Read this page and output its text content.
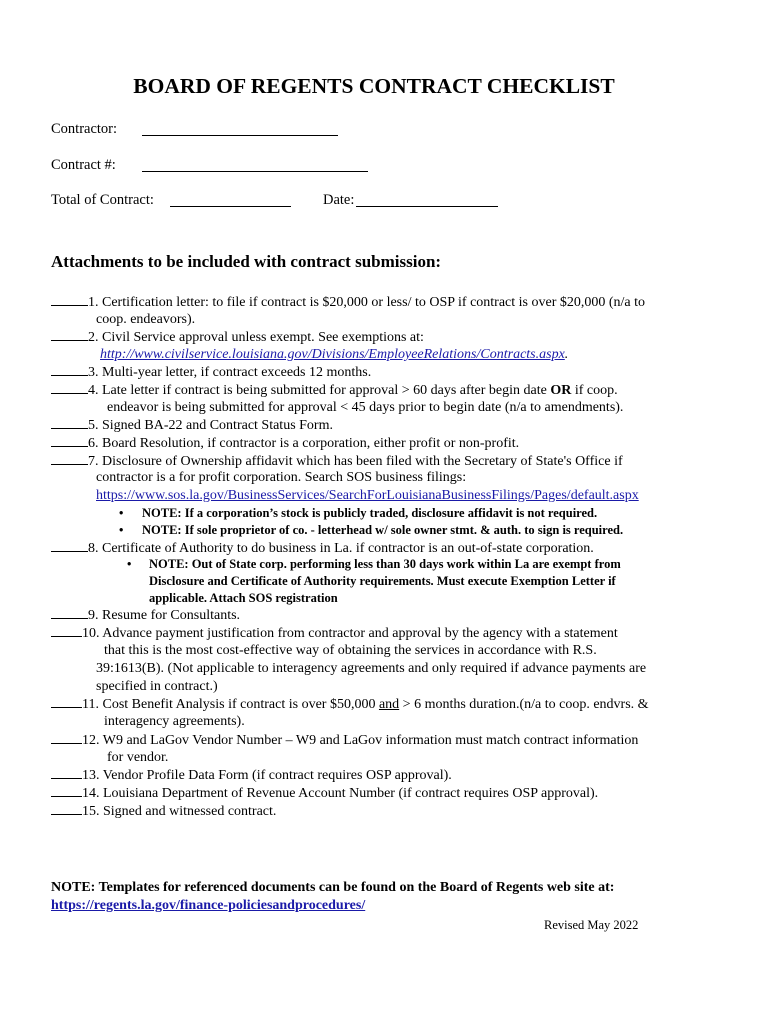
BOARD OF REGENTS CONTRACT CHECKLIST
Contractor:
Contract #:
Total of Contract:	Date:
Attachments to be included with contract submission:
1. Certification letter: to file if contract is $20,000 or less/ to OSP if contract is over $20,000 (n/a to
coop. endeavors).
2. Civil Service approval unless exempt. See exemptions at:
http://www.civilservice.louisiana.gov/Divisions/EmployeeRelations/Contracts.aspx.
3. Multi-year letter, if contract exceeds 12 months.
4. Late letter if contract is being submitted for approval > 60 days after begin date OR if coop.
endeavor is being submitted for approval < 45 days prior to begin date (n/a to amendments).
5. Signed BA-22 and Contract Status Form.
6. Board Resolution, if contractor is a corporation, either profit or non-profit.
7. Disclosure of Ownership affidavit which has been filed with the Secretary of State's Office if
contractor is a for profit corporation. Search SOS business filings:
https://www.sos.la.gov/BusinessServices/SearchForLouisianaBusinessFilings/Pages/default.aspx
• NOTE: If a corporation’s stock is publicly traded, disclosure affidavit is not required.
• NOTE: If sole proprietor of co. - letterhead w/ sole owner stmt. & auth. to sign is required.
8. Certificate of Authority to do business in La. if contractor is an out-of-state corporation.
• NOTE: Out of State corp. performing less than 30 days work within La are exempt from
Disclosure and Certificate of Authority requirements. Must execute Exemption Letter if
applicable. Attach SOS registration
9. Resume for Consultants.
10. Advance payment justification from contractor and approval by the agency with a statement
that this is the most cost-effective way of obtaining the services in accordance with R.S.
39:1613(B). (Not applicable to interagency agreements and only required if advance payments are
specified in contract.)
11. Cost Benefit Analysis if contract is over $50,000 and > 6 months duration.(n/a to coop. endvrs. &
interagency agreements).
12. W9 and LaGov Vendor Number – W9 and LaGov information must match contract information
for vendor.
13. Vendor Profile Data Form (if contract requires OSP approval).
14. Louisiana Department of Revenue Account Number (if contract requires OSP approval).
15. Signed and witnessed contract.
NOTE: Templates for referenced documents can be found on the Board of Regents web site at:
https://regents.la.gov/finance-policiesandprocedures/
Revised May 2022
